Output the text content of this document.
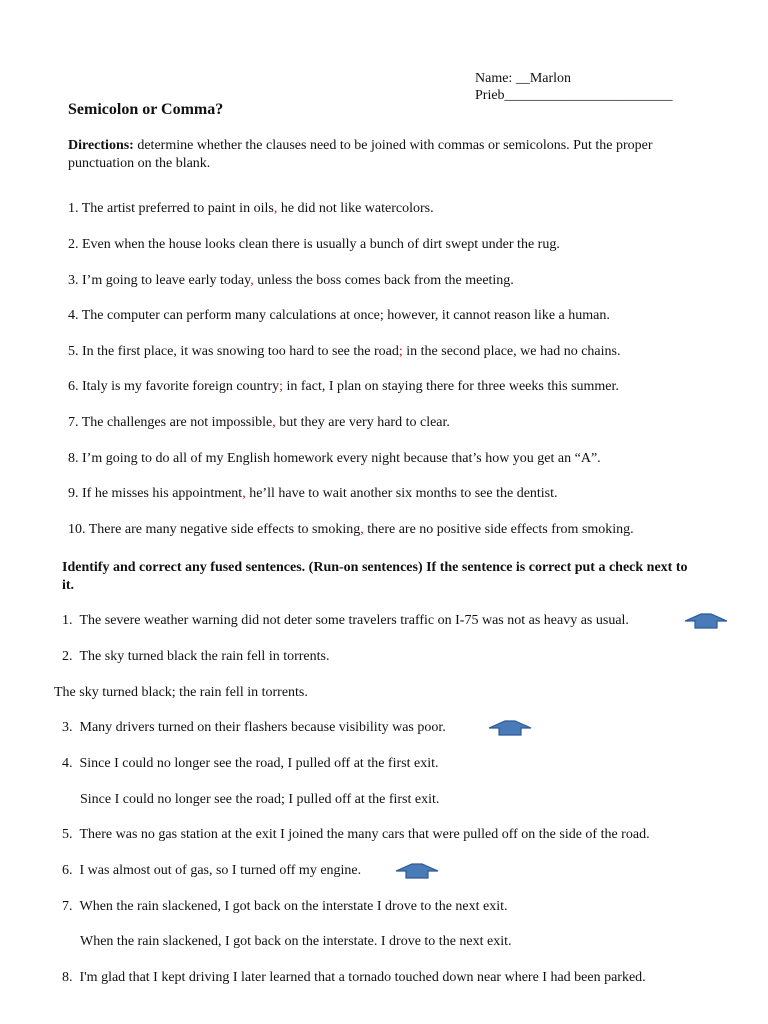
Name: __Marlon
Prieb________________________
Semicolon or Comma?
Directions: determine whether the clauses need to be joined with commas or semicolons. Put the proper punctuation on the blank.
1. The artist preferred to paint in oils, he did not like watercolors.
2. Even when the house looks clean there is usually a bunch of dirt swept under the rug.
3. I’m going to leave early today, unless the boss comes back from the meeting.
4. The computer can perform many calculations at once; however, it cannot reason like a human.
5. In the first place, it was snowing too hard to see the road; in the second place, we had no chains.
6. Italy is my favorite foreign country; in fact, I plan on staying there for three weeks this summer.
7. The challenges are not impossible, but they are very hard to clear.
8. I’m going to do all of my English homework every night because that’s how you get an “A”.
9. If he misses his appointment, he’ll have to wait another six months to see the dentist.
10. There are many negative side effects to smoking, there are no positive side effects from smoking.
Identify and correct any fused sentences. (Run-on sentences) If the sentence is correct put a check next to it.
1. The severe weather warning did not deter some travelers traffic on I-75 was not as heavy as usual.
2. The sky turned black the rain fell in torrents.
The sky turned black; the rain fell in torrents.
3. Many drivers turned on their flashers because visibility was poor.
4. Since I could no longer see the road, I pulled off at the first exit.
Since I could no longer see the road; I pulled off at the first exit.
5. There was no gas station at the exit I joined the many cars that were pulled off on the side of the road.
6. I was almost out of gas, so I turned off my engine.
7. When the rain slackened, I got back on the interstate I drove to the next exit.
When the rain slackened, I got back on the interstate. I drove to the next exit.
8. I'm glad that I kept driving I later learned that a tornado touched down near where I had been parked.
